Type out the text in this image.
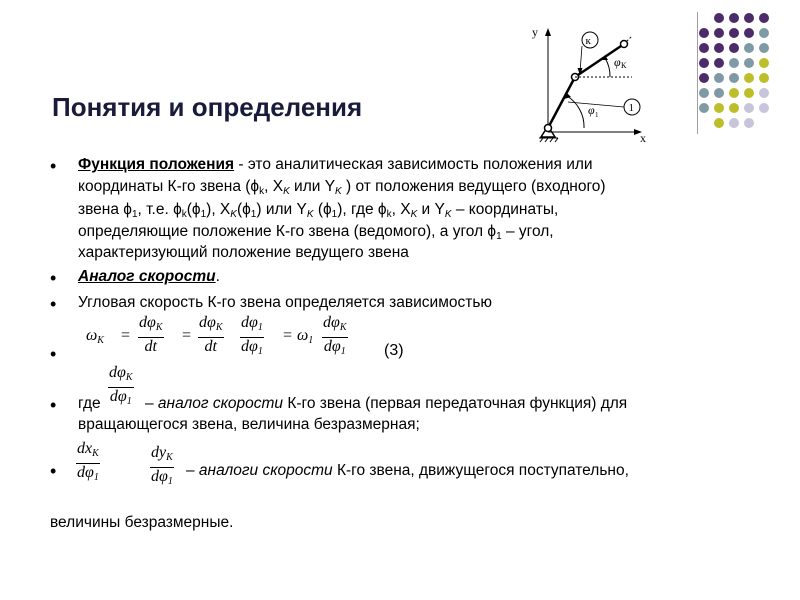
y
x
к
φ К
φ 1
1
Понятия и определения
• Функция положения - это аналитическая зависимость положения или
координаты К-го звена ($\phi_k$, $X_K$ или $Y_K$ ) от положения ведущего (входного)
звена $\phi_1$, т.е. $\phi_k(\phi_1)$, $X_K(\phi_1)$ или $Y_K$ $(\phi_1)$, где $\phi_k$, $X_K$ и $Y_K$ – координаты,
определяющие положение К-го звена (ведомого), а угол $\phi_1$ – угол,
характеризующий положение ведущего звена
• Аналог скорости.
• Угловая скорость К-го звена определяется зависимостью
•
$\omega_K$ =
$d\varphi_K$
dt
=
$d\varphi_K$
dt
$d\varphi_1$
$d\varphi_1$
= $\omega_1$
$d\varphi_K$
$d\varphi_1$ (3)
• где
$d\varphi_K$
$d\varphi_1$ – аналог скорости К-го звена (первая передаточная функция) для
вращающегося звена, величина безразмерная;
•
$dx_K$
$d\varphi_1$
$dy_K$
$d\varphi_1$
– аналоги скорости К-го звена, движущегося поступательно,
величины безразмерные.
